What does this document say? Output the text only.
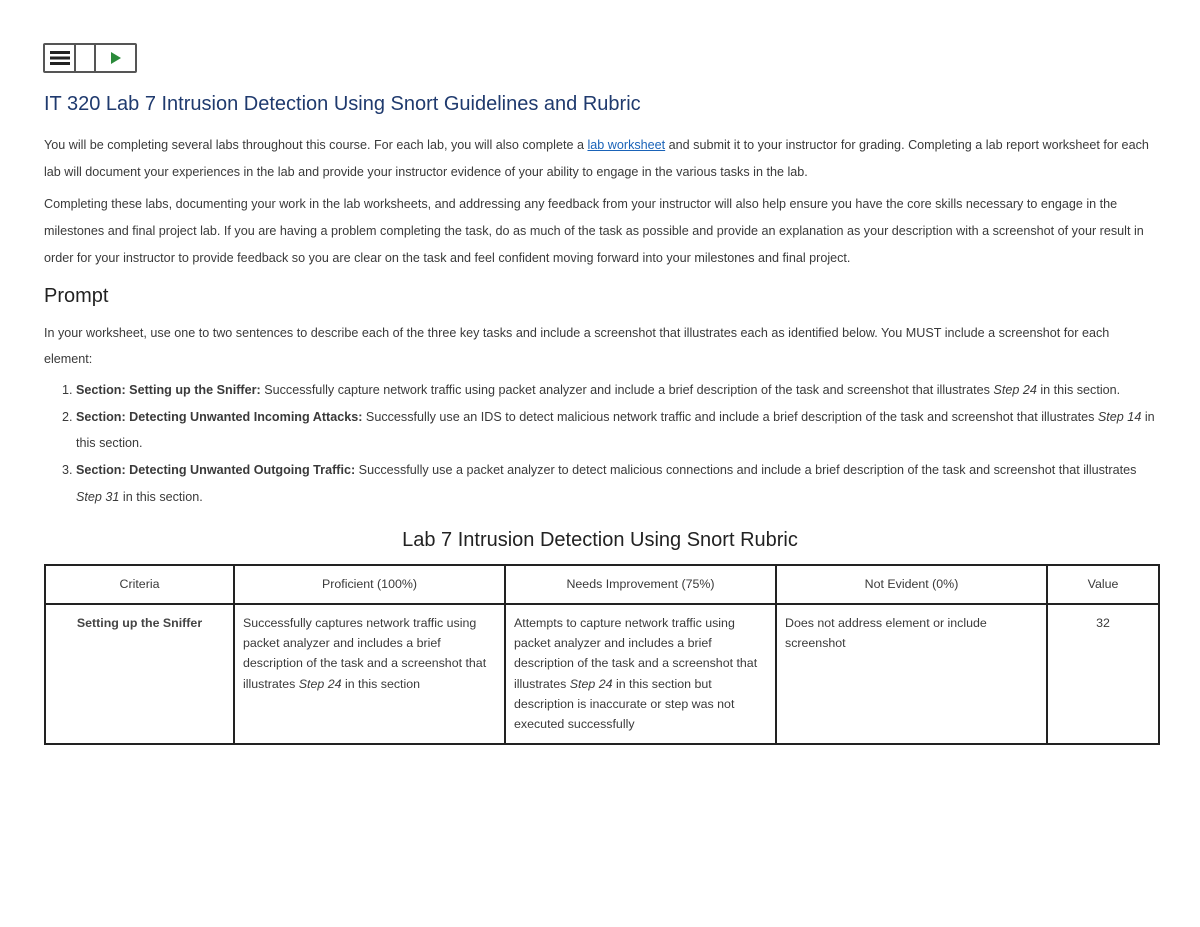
IT 320 Lab 7 Intrusion Detection Using Snort Guidelines and Rubric

You will be completing several labs throughout this course. For each lab, you will also complete a lab worksheet and submit it to your instructor for grading. Completing a lab report worksheet for each lab will document your experiences in the lab and provide your instructor evidence of your ability to engage in the various tasks in the lab.

Completing these labs, documenting your work in the lab worksheets, and addressing any feedback from your instructor will also help ensure you have the core skills necessary to engage in the milestones and final project lab. If you are having a problem completing the task, do as much of the task as possible and provide an explanation as your description with a screenshot of your result in order for your instructor to provide feedback so you are clear on the task and feel confident moving forward into your milestones and final project.

Prompt

In your worksheet, use one to two sentences to describe each of the three key tasks and include a screenshot that illustrates each as identified below. You MUST include a screenshot for each element:

1. Section: Setting up the Sniffer: Successfully capture network traffic using packet analyzer and include a brief description of the task and screenshot that illustrates Step 24 in this section.
2. Section: Detecting Unwanted Incoming Attacks: Successfully use an IDS to detect malicious network traffic and include a brief description of the task and screenshot that illustrates Step 14 in this section.
3. Section: Detecting Unwanted Outgoing Traffic: Successfully use a packet analyzer to detect malicious connections and include a brief description of the task and screenshot that illustrates Step 31 in this section.
Lab 7 Intrusion Detection Using Snort Rubric
Criteria	Proficient (100%)	Needs Improvement (75%)	Not Evident (0%)	Value
Setting up the Sniffer	Successfully captures network traffic using packet analyzer and includes a brief description of the task and a screenshot that illustrates Step 24 in this section	Attempts to capture network traffic using packet analyzer and includes a brief description of the task and a screenshot that illustrates Step 24 in this section but description is inaccurate or step was not executed successfully	Does not address element or include screenshot	32
